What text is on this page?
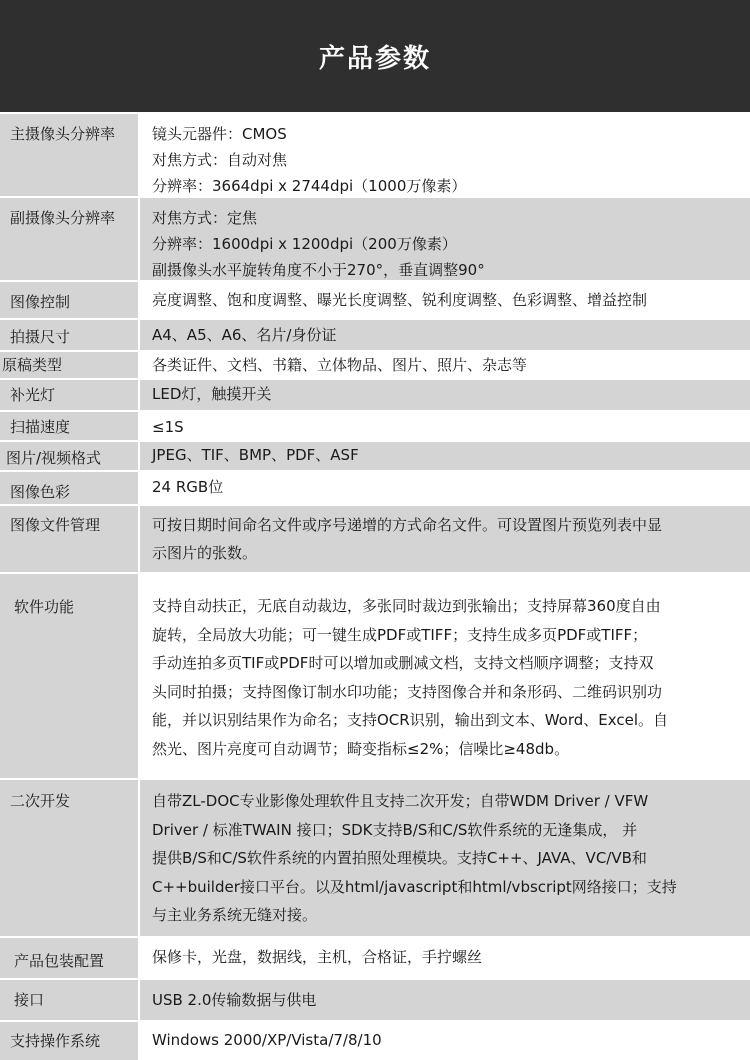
产品参数
主摄像头分辨率 镜头元器件：CMOS
对焦方式：自动对焦
分辨率：3664dpi x 2744dpi（1000万像素）
副摄像头分辨率 对焦方式：定焦
分辨率：1600dpi x 1200dpi（200万像素）
副摄像头水平旋转角度不小于270°，垂直调整90°
图像控制	亮度调整、饱和度调整、曝光长度调整、锐利度调整、色彩调整、增益控制
拍摄尺寸	A4、A5、A6、名片/身份证
原稿类型	各类证件、文档、书籍、立体物品、图片、照片、杂志等
补光灯	LED灯，触摸开关
扫描速度	≤1S
图片/视频格式	JPEG、TIF、BMP、PDF、ASF
图像色彩	24 RGB位
图像文件管理	可按日期时间命名文件或序号递增的方式命名文件。可设置图片预览列表中显
示图片的张数。
软件功能	支持自动扶正，无底自动裁边，多张同时裁边到张输出；支持屏幕360度自由
旋转，全局放大功能；可一键生成PDF或TIFF；支持生成多页PDF或TIFF；
手动连拍多页TIF或PDF时可以增加或删减文档，支持文档顺序调整；支持双
头同时拍摄；支持图像订制水印功能；支持图像合并和条形码、二维码识别功
能，并以识别结果作为命名；支持OCR识别，输出到文本、Word、Excel。自
然光、图片亮度可自动调节；畸变指标≤2%；信噪比≥48db。
二次开发	自带ZL-DOC专业影像处理软件且支持二次开发；自带WDM Driver / VFW
Driver / 标准TWAIN 接口；SDK支持B/S和C/S软件系统的无逢集成， 并
提供B/S和C/S软件系统的内置拍照处理模块。支持C++、JAVA、VC/VB和
C++builder接口平台。以及html/javascript和html/vbscript网络接口；支持
与主业务系统无缝对接。
产品包装配置	保修卡，光盘，数据线，主机，合格证，手拧螺丝
接口	USB 2.0传输数据与供电
支持操作系统	Windows 2000/XP/Vista/7/8/10
